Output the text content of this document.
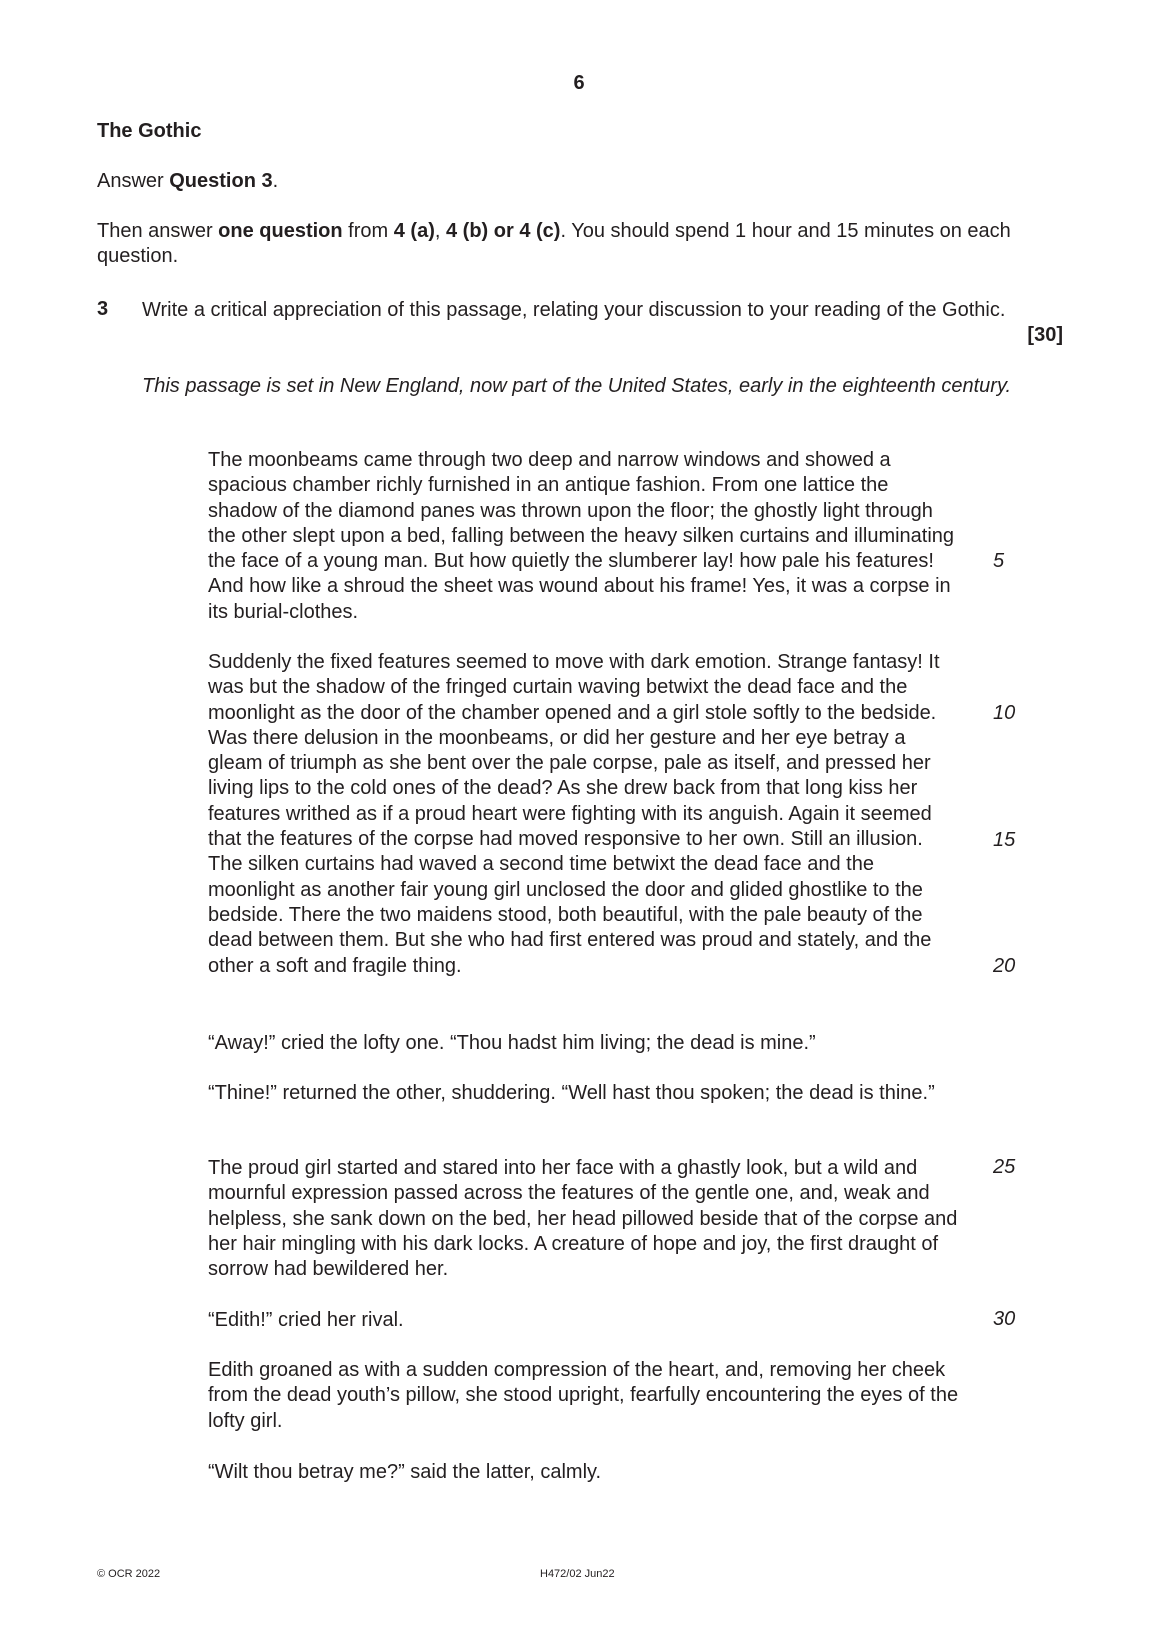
6
The Gothic
Answer Question 3.
Then answer one question from 4 (a), 4 (b) or 4 (c). You should spend 1 hour and 15 minutes on each question.
3 Write a critical appreciation of this passage, relating your discussion to your reading of the Gothic.
[30]
This passage is set in New England, now part of the United States, early in the eighteenth century.
The moonbeams came through two deep and narrow windows and showed a spacious chamber richly furnished in an antique fashion. From one lattice the shadow of the diamond panes was thrown upon the floor; the ghostly light through the other slept upon a bed, falling between the heavy silken curtains and illuminating the face of a young man. But how quietly the slumberer lay! how pale his features! And how like a shroud the sheet was wound about his frame! Yes, it was a corpse in its burial-clothes.
Suddenly the fixed features seemed to move with dark emotion. Strange fantasy! It was but the shadow of the fringed curtain waving betwixt the dead face and the moonlight as the door of the chamber opened and a girl stole softly to the bedside. Was there delusion in the moonbeams, or did her gesture and her eye betray a gleam of triumph as she bent over the pale corpse, pale as itself, and pressed her living lips to the cold ones of the dead? As she drew back from that long kiss her features writhed as if a proud heart were fighting with its anguish. Again it seemed that the features of the corpse had moved responsive to her own. Still an illusion. The silken curtains had waved a second time betwixt the dead face and the moonlight as another fair young girl unclosed the door and glided ghostlike to the bedside. There the two maidens stood, both beautiful, with the pale beauty of the dead between them. But she who had first entered was proud and stately, and the other a soft and fragile thing.
“Away!” cried the lofty one. “Thou hadst him living; the dead is mine.”
“Thine!” returned the other, shuddering. “Well hast thou spoken; the dead is thine.”
The proud girl started and stared into her face with a ghastly look, but a wild and mournful expression passed across the features of the gentle one, and, weak and helpless, she sank down on the bed, her head pillowed beside that of the corpse and her hair mingling with his dark locks. A creature of hope and joy, the first draught of sorrow had bewildered her.
“Edith!” cried her rival.
Edith groaned as with a sudden compression of the heart, and, removing her cheek from the dead youth’s pillow, she stood upright, fearfully encountering the eyes of the lofty girl.
“Wilt thou betray me?” said the latter, calmly.
5
10
15
20
25
30
© OCR 2022	H472/02 Jun22
